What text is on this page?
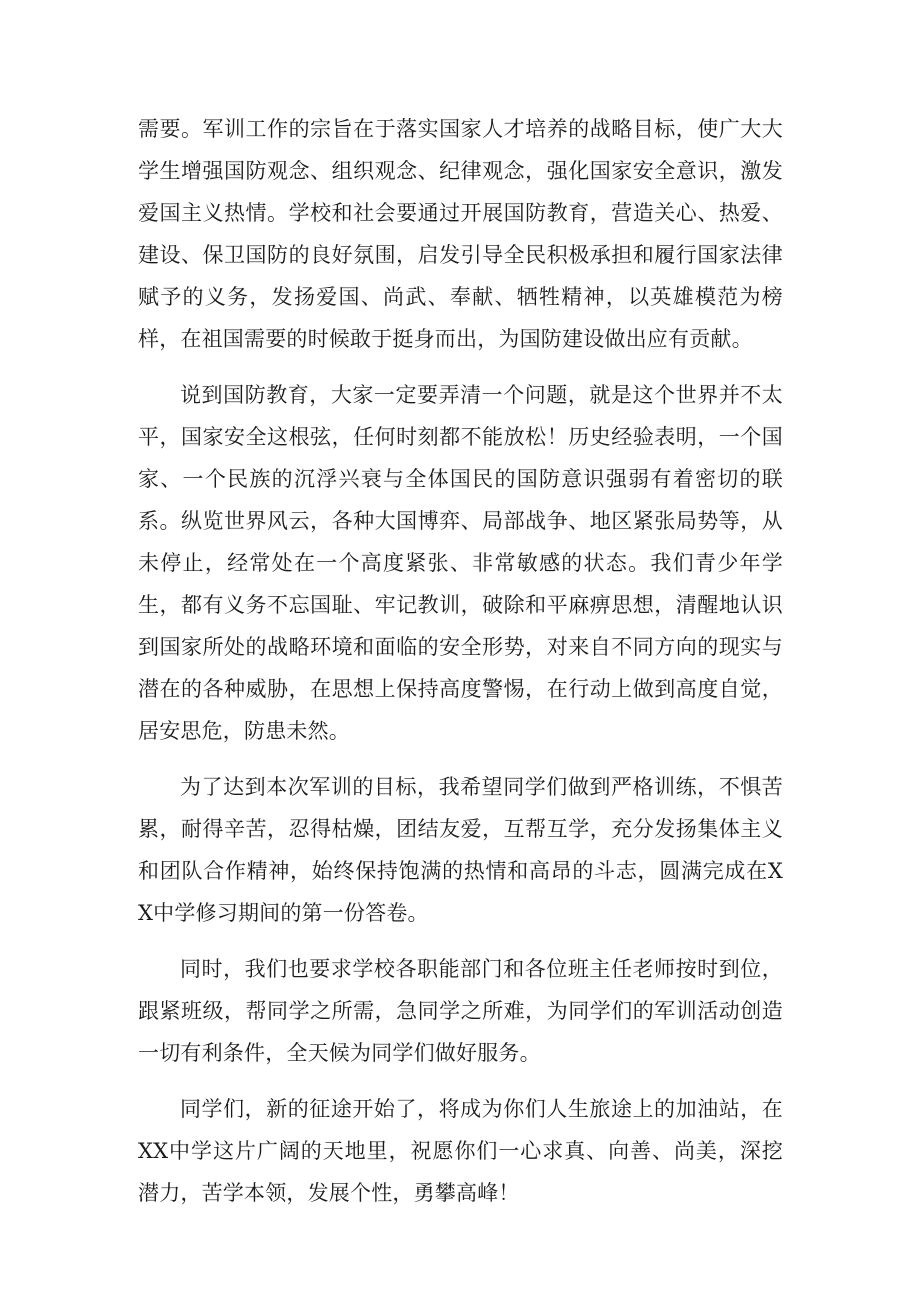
需要。军训工作的宗旨在于落实国家人才培养的战略目标，使广大大学生增强国防观念、组织观念、纪律观念，强化国家安全意识，激发爱国主义热情。学校和社会要通过开展国防教育，营造关心、热爱、建设、保卫国防的良好氛围，启发引导全民积极承担和履行国家法律赋予的义务，发扬爱国、尚武、奉献、牺牲精神，以英雄模范为榜样，在祖国需要的时候敢于挺身而出，为国防建设做出应有贡献。

说到国防教育，大家一定要弄清一个问题，就是这个世界并不太平，国家安全这根弦，任何时刻都不能放松！历史经验表明，一个国家、一个民族的沉浮兴衰与全体国民的国防意识强弱有着密切的联系。纵览世界风云，各种大国博弈、局部战争、地区紧张局势等，从未停止，经常处在一个高度紧张、非常敏感的状态。我们青少年学生，都有义务不忘国耻、牢记教训，破除和平麻痹思想，清醒地认识到国家所处的战略环境和面临的安全形势，对来自不同方向的现实与潜在的各种威胁，在思想上保持高度警惕，在行动上做到高度自觉，居安思危，防患未然。

为了达到本次军训的目标，我希望同学们做到严格训练，不惧苦累，耐得辛苦，忍得枯燥，团结友爱，互帮互学，充分发扬集体主义和团队合作精神，始终保持饱满的热情和高昂的斗志，圆满完成在XX中学修习期间的第一份答卷。

同时，我们也要求学校各职能部门和各位班主任老师按时到位，跟紧班级，帮同学之所需，急同学之所难，为同学们的军训活动创造一切有利条件，全天候为同学们做好服务。

同学们，新的征途开始了，将成为你们人生旅途上的加油站，在XX中学这片广阔的天地里，祝愿你们一心求真、向善、尚美，深挖潜力，苦学本领，发展个性，勇攀高峰！
